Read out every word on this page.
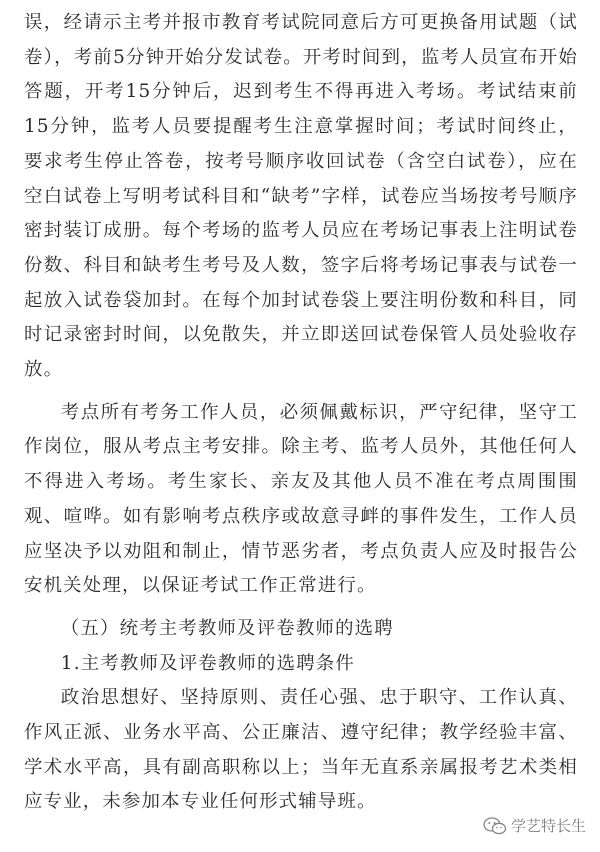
误，经请示主考并报市教育考试院同意后方可更换备用试题（试卷），考前5分钟开始分发试卷。开考时间到，监考人员宣布开始答题，开考15分钟后，迟到考生不得再进入考场。考试结束前15分钟，监考人员要提醒考生注意掌握时间；考试时间终止，要求考生停止答卷，按考号顺序收回试卷（含空白试卷），应在空白试卷上写明考试科目和“缺考”字样，试卷应当场按考号顺序密封装订成册。每个考场的监考人员应在考场记事表上注明试卷份数、科目和缺考生考号及人数，签字后将考场记事表与试卷一起放入试卷袋加封。在每个加封试卷袋上要注明份数和科目，同时记录密封时间，以免散失，并立即送回试卷保管人员处验收存放。

考点所有考务工作人员，必须佩戴标识，严守纪律，坚守工作岗位，服从考点主考安排。除主考、监考人员外，其他任何人不得进入考场。考生家长、亲友及其他人员不准在考点周围围观、喧哗。如有影响考点秩序或故意寻衅的事件发生，工作人员应坚决予以劝阻和制止，情节恶劣者，考点负责人应及时报告公安机关处理，以保证考试工作正常进行。

（五）统考主考教师及评卷教师的选聘

1.主考教师及评卷教师的选聘条件

政治思想好、坚持原则、责任心强、忠于职守、工作认真、作风正派、业务水平高、公正廉洁、遵守纪律；教学经验丰富、学术水平高，具有副高职称以上；当年无直系亲属报考艺术类相应专业，未参加本专业任何形式辅导班。

学艺特长生
